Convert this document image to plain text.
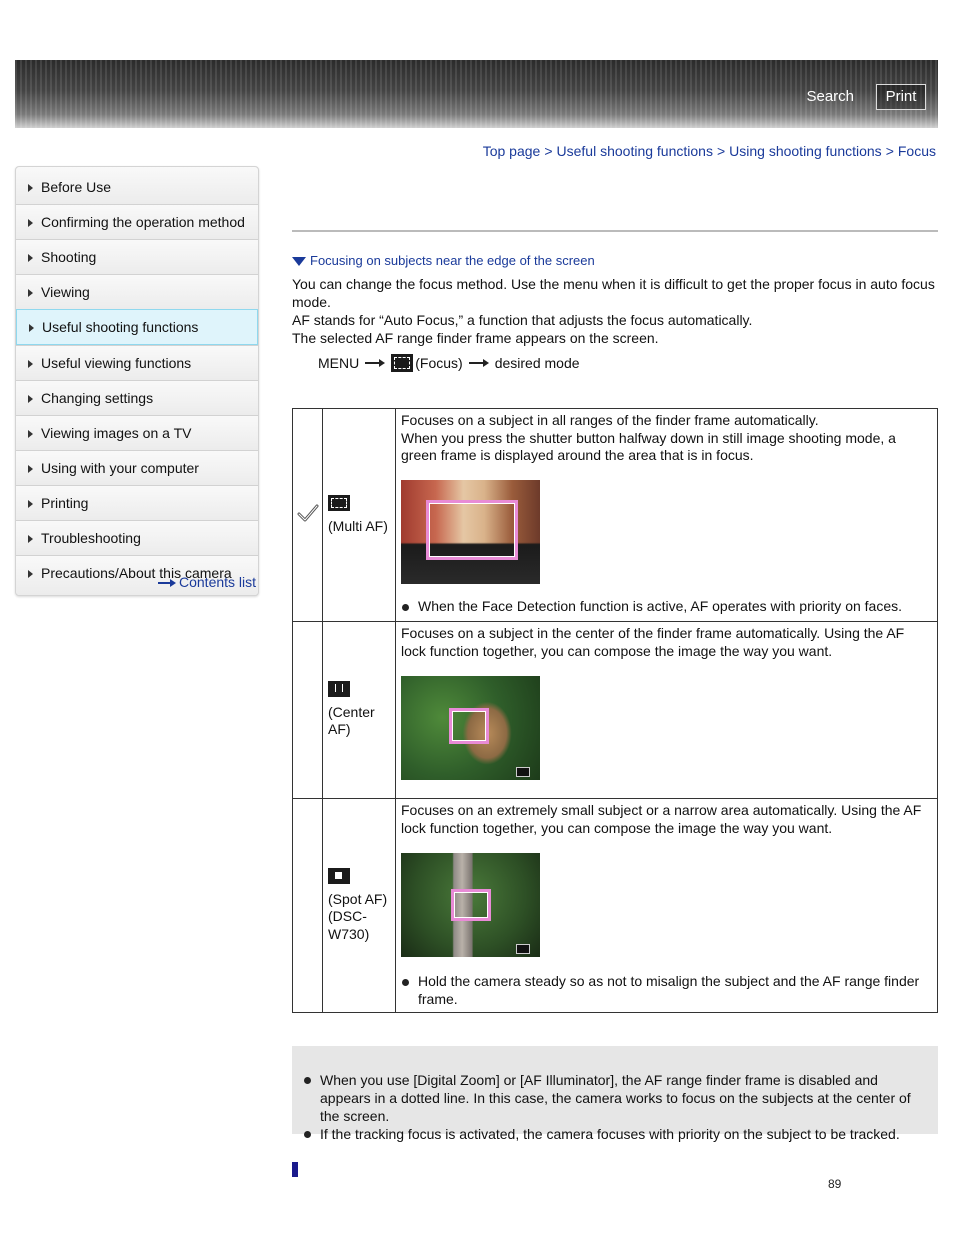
Search	Print
Top page > Useful shooting functions > Using shooting functions > Focus
Before Use
Confirming the operation method
Shooting
Viewing
Useful shooting functions
Useful viewing functions
Changing settings
Viewing images on a TV
Using with your computer
Printing
Troubleshooting
Precautions/About this camera
Contents list
Focusing on subjects near the edge of the screen

You can change the focus method. Use the menu when it is difficult to get the proper focus in auto focus mode.

AF stands for “Auto Focus,” a function that adjusts the focus automatically.

The selected AF range finder frame appears on the screen.

MENU	(Focus) desired mode

(Multi AF)	Focuses on a subject in all ranges of the finder frame automatically.
When you press the shutter button halfway down in still image shooting mode, a green frame is displayed around the area that is in focus.
When the Face Detection function is active, AF operates with priority on faces.

(Center AF)	Focuses on a subject in the center of the finder frame automatically. Using the AF lock function together, you can compose the image the way you want.

(Spot AF) (DSC-W730)	Focuses on an extremely small subject or a narrow area automatically. Using the AF lock function together, you can compose the image the way you want.
Hold the camera steady so as not to misalign the subject and the AF range finder frame.
When you use [Digital Zoom] or [AF Illuminator], the AF range finder frame is disabled and appears in a dotted line. In this case, the camera works to focus on the subjects at the center of the screen.
If the tracking focus is activated, the camera focuses with priority on the subject to be tracked.
89
